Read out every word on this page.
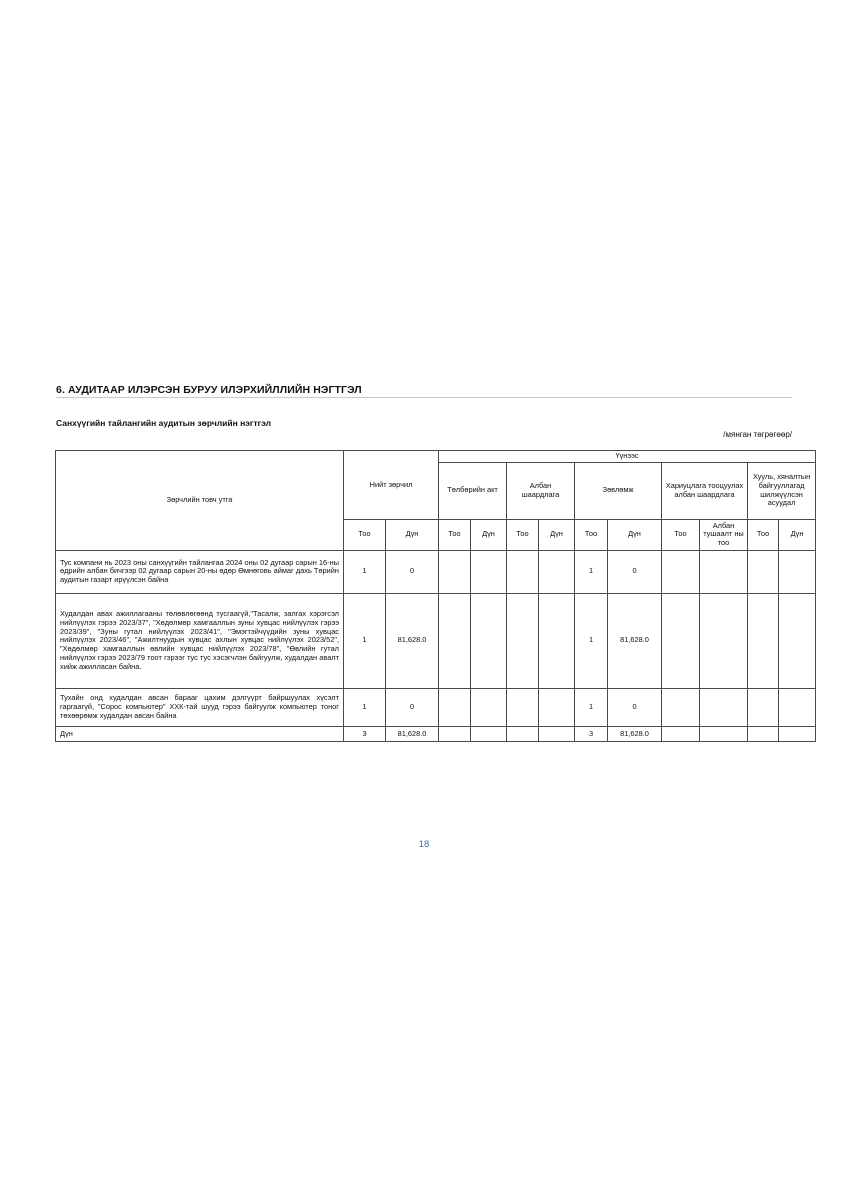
6. АУДИТААР ИЛЭРСЭН БУРУУ ИЛЭРХИЙЛЛИЙН НЭГТГЭЛ
Санхүүгийн тайлангийн аудитын зөрчлийн нэгтгэл
/мянган төгрөгөөр/
Зөрчлийн товч утга	Нийт зөрчил		Үүнээс									
			Төлбөрийн акт		Албан шаардлага		Зөвлөмж		Хариуцлага тооцуулах албан шаардлага		Хууль, хяналтын байгууллагад шилжүүлсэн асуудал	
	Тоо	Дүн	Тоо	Дүн	Тоо	Дүн	Тоо	Дүн	Тоо	Албан тушаалт ны тоо	Тоо	Дүн
Тус компани нь 2023 оны санхүүгийн тайлангаа 2024 оны 02 дугаар сарын 16-ны өдрийн албан бичгээр 02 дугаар сарын 20-ны өдөр Өмнөговь аймаг дахь Төрийн аудитын газарт ирүүлсэн байна	1	0					1	0				
Худалдан авах ажиллагааны төлөвлөгөөнд тусгаагүй,"Тасалж, залгах хэрэгсэл нийлүүлэх гэрээ 2023/37", "Хөдөлмөр хамгааллын зуны хувцас нийлүүлэх гэрээ 2023/39", "Зуны гутал нийлүүлэх 2023/41", "Эмэгтэйчүүдийн зуны хувцас нийлүүлэх 2023/46", "Ажилтнуудын хувцас ахлын хувцас нийлүүлэх 2023/52", "Хөдөлмөр хамгааллын өвлийн хувцас нийлүүлэх 2023/78", "Өвлийн гутал нийлүүлэх гэрээ 2023/79 тоот гэрээг тус тус хэсэгчлэн байгуулж, худалдан авалт хийж ажилласан байна.	1	81,628.0					1	81,628.0				
Тухайн онд худалдан авсан барааг цахим дэлгүүрт байршуулах хүсэлт гаргаагүй, "Сорос компьютер" ХХК-тай шууд гэрээ байгуулж компьютер тоног төхөөрөмж худалдан авсан байна	1	0					1	0				
Дүн	3	81,628.0					3	81,628.0				
18
